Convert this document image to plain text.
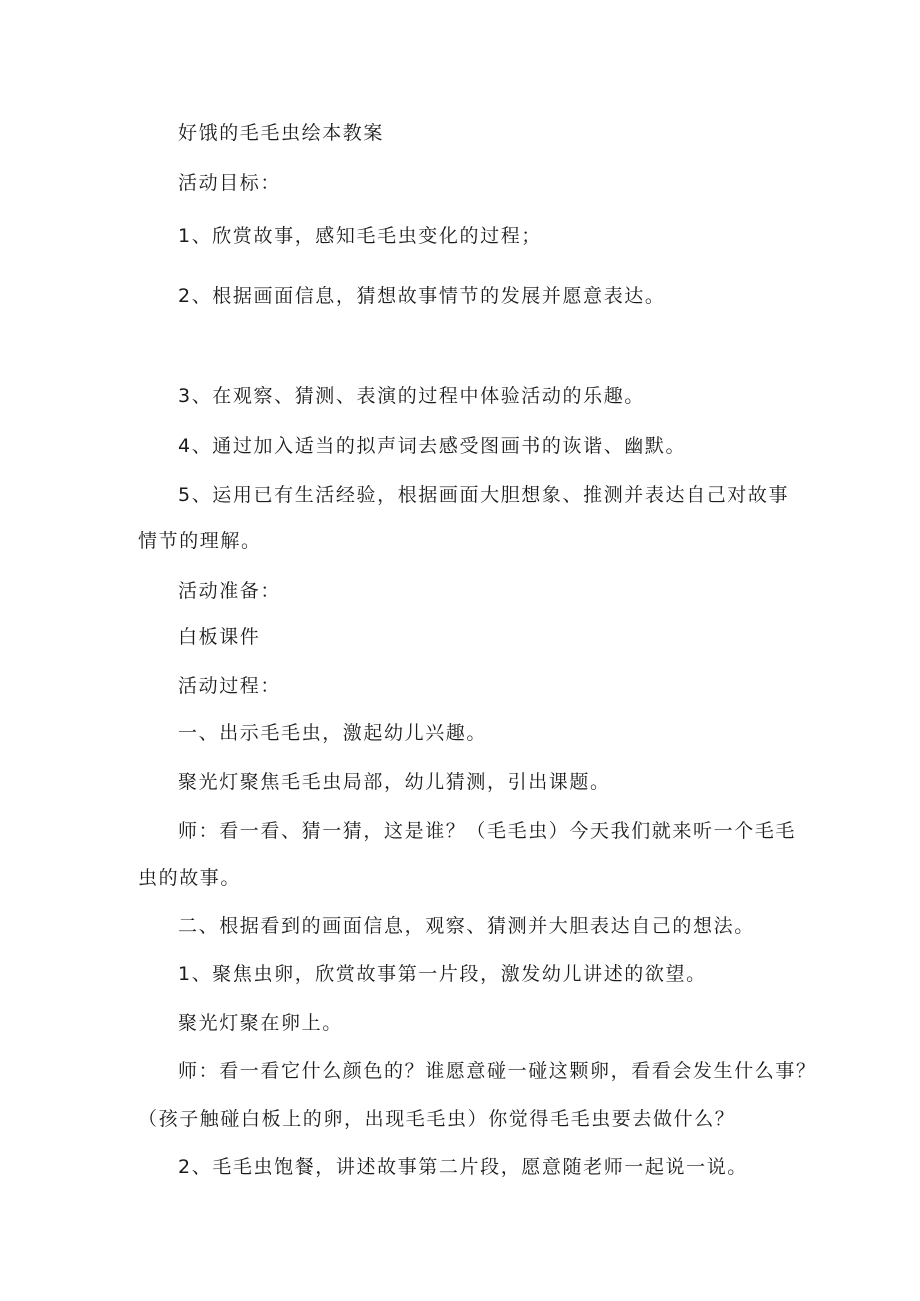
好饿的毛毛虫绘本教案
活动目标：
1、欣赏故事，感知毛毛虫变化的过程；
2、根据画面信息，猜想故事情节的发展并愿意表达。
3、在观察、猜测、表演的过程中体验活动的乐趣。
4、通过加入适当的拟声词去感受图画书的诙谐、幽默。
5、运用已有生活经验，根据画面大胆想象、推测并表达自己对故事
情节的理解。
活动准备：
白板课件
活动过程：
一、出示毛毛虫，激起幼儿兴趣。
聚光灯聚焦毛毛虫局部，幼儿猜测，引出课题。
师：看一看、猜一猜，这是谁？（毛毛虫）今天我们就来听一个毛毛
虫的故事。
二、根据看到的画面信息，观察、猜测并大胆表达自己的想法。
1、聚焦虫卵，欣赏故事第一片段，激发幼儿讲述的欲望。
聚光灯聚在卵上。
师：看一看它什么颜色的？谁愿意碰一碰这颗卵，看看会发生什么事？
（孩子触碰白板上的卵，出现毛毛虫）你觉得毛毛虫要去做什么？
2、毛毛虫饱餐，讲述故事第二片段，愿意随老师一起说一说。
